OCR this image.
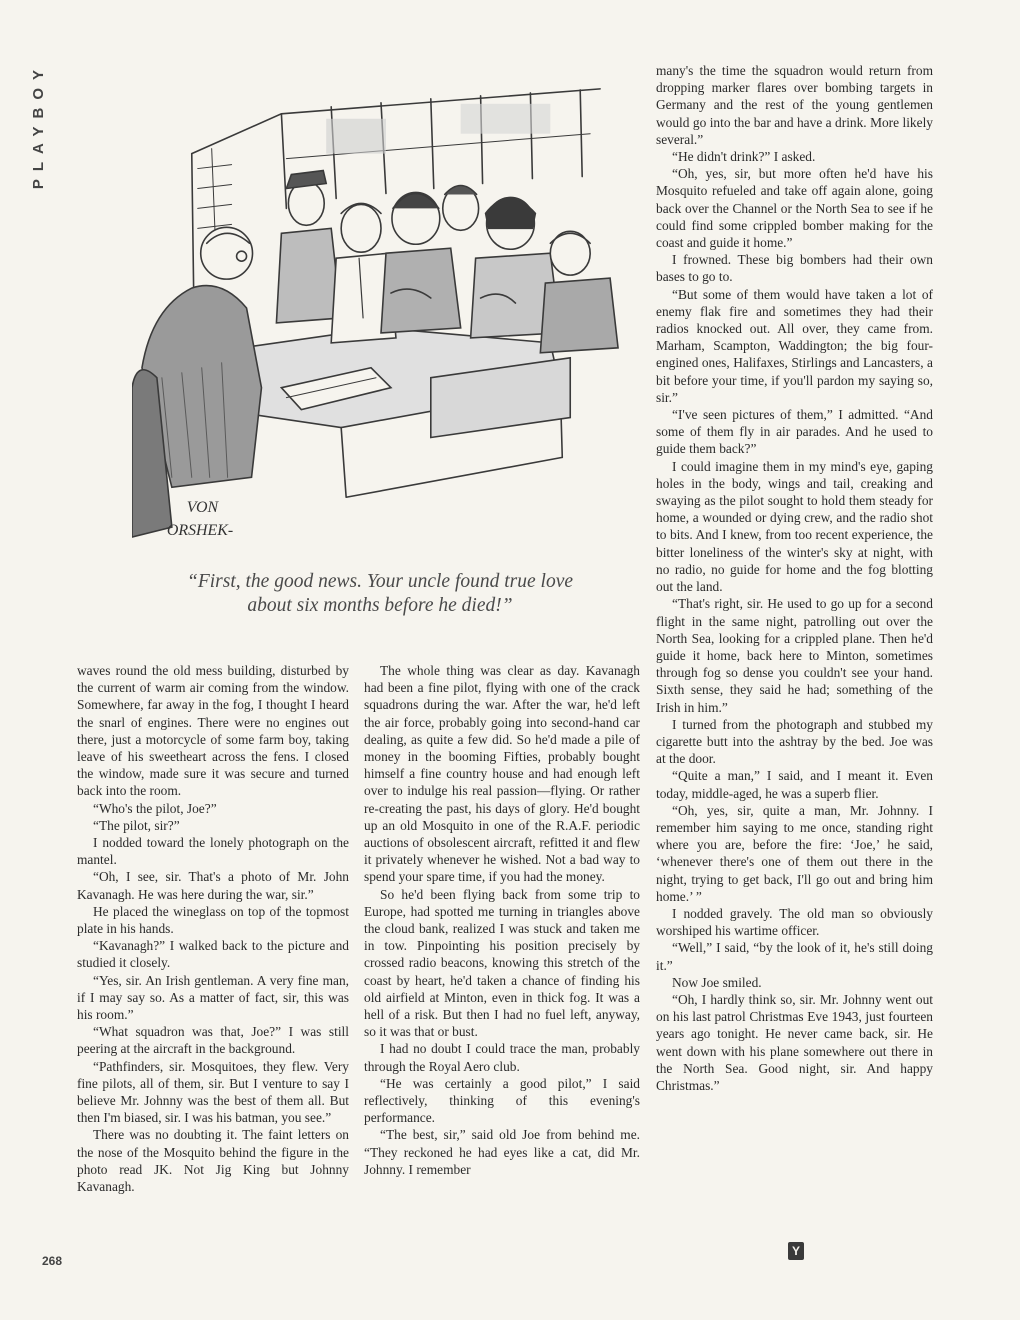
PLAYBOY
VON
ORSHEK-
“First, the good news. Your uncle found true love
about six months before he died!”

waves round the old mess building, disturbed by the current of warm air coming from the window. Somewhere, far away in the fog, I thought I heard the snarl of engines. There were no engines out there, just a motorcycle of some farm boy, taking leave of his sweetheart across the fens. I closed the window, made sure it was secure and turned back into the room.

“Who's the pilot, Joe?”

“The pilot, sir?”

I nodded toward the lonely photograph on the mantel.

“Oh, I see, sir. That's a photo of Mr. John Kavanagh. He was here during the war, sir.”

He placed the wineglass on top of the topmost plate in his hands.

“Kavanagh?” I walked back to the picture and studied it closely.

“Yes, sir. An Irish gentleman. A very fine man, if I may say so. As a matter of fact, sir, this was his room.”

“What squadron was that, Joe?” I was still peering at the aircraft in the background.

“Pathfinders, sir. Mosquitoes, they flew. Very fine pilots, all of them, sir. But I venture to say I believe Mr. Johnny was the best of them all. But then I'm biased, sir. I was his batman, you see.”

There was no doubting it. The faint letters on the nose of the Mosquito behind the figure in the photo read JK. Not Jig King but Johnny Kavanagh.

The whole thing was clear as day. Kavanagh had been a fine pilot, flying with one of the crack squadrons during the war. After the war, he'd left the air force, probably going into second-hand car dealing, as quite a few did. So he'd made a pile of money in the booming Fifties, probably bought himself a fine country house and had enough left over to indulge his real passion—flying. Or rather re-creating the past, his days of glory. He'd bought up an old Mosquito in one of the R.A.F. periodic auctions of obsolescent aircraft, refitted it and flew it privately whenever he wished. Not a bad way to spend your spare time, if you had the money.

So he'd been flying back from some trip to Europe, had spotted me turning in triangles above the cloud bank, realized I was stuck and taken me in tow. Pinpointing his position precisely by crossed radio beacons, knowing this stretch of the coast by heart, he'd taken a chance of finding his old airfield at Minton, even in thick fog. It was a hell of a risk. But then I had no fuel left, anyway, so it was that or bust.

I had no doubt I could trace the man, probably through the Royal Aero club.

“He was certainly a good pilot,” I said reflectively, thinking of this evening's performance.

“The best, sir,” said old Joe from behind me. “They reckoned he had eyes like a cat, did Mr. Johnny. I remember

many's the time the squadron would return from dropping marker flares over bombing targets in Germany and the rest of the young gentlemen would go into the bar and have a drink. More likely several.”

“He didn't drink?” I asked.

“Oh, yes, sir, but more often he'd have his Mosquito refueled and take off again alone, going back over the Channel or the North Sea to see if he could find some crippled bomber making for the coast and guide it home.”

I frowned. These big bombers had their own bases to go to.

“But some of them would have taken a lot of enemy flak fire and sometimes they had their radios knocked out. All over, they came from. Marham, Scampton, Waddington; the big four-engined ones, Halifaxes, Stirlings and Lancasters, a bit before your time, if you'll pardon my saying so, sir.”

“I've seen pictures of them,” I admitted. “And some of them fly in air parades. And he used to guide them back?”

I could imagine them in my mind's eye, gaping holes in the body, wings and tail, creaking and swaying as the pilot sought to hold them steady for home, a wounded or dying crew, and the radio shot to bits. And I knew, from too recent experience, the bitter loneliness of the winter's sky at night, with no radio, no guide for home and the fog blotting out the land.

“That's right, sir. He used to go up for a second flight in the same night, patrolling out over the North Sea, looking for a crippled plane. Then he'd guide it home, back here to Minton, sometimes through fog so dense you couldn't see your hand. Sixth sense, they said he had; something of the Irish in him.”

I turned from the photograph and stubbed my cigarette butt into the ashtray by the bed. Joe was at the door.

“Quite a man,” I said, and I meant it. Even today, middle-aged, he was a superb flier.

“Oh, yes, sir, quite a man, Mr. Johnny. I remember him saying to me once, standing right where you are, before the fire: ‘Joe,’ he said, ‘whenever there's one of them out there in the night, trying to get back, I'll go out and bring him home.’ ”

I nodded gravely. The old man so obviously worshiped his wartime officer.

“Well,” I said, “by the look of it, he's still doing it.”

Now Joe smiled.

“Oh, I hardly think so, sir. Mr. Johnny went out on his last patrol Christmas Eve 1943, just fourteen years ago tonight. He never came back, sir. He went down with his plane somewhere out there in the North Sea. Good night, sir. And happy Christmas.”

268
Y
